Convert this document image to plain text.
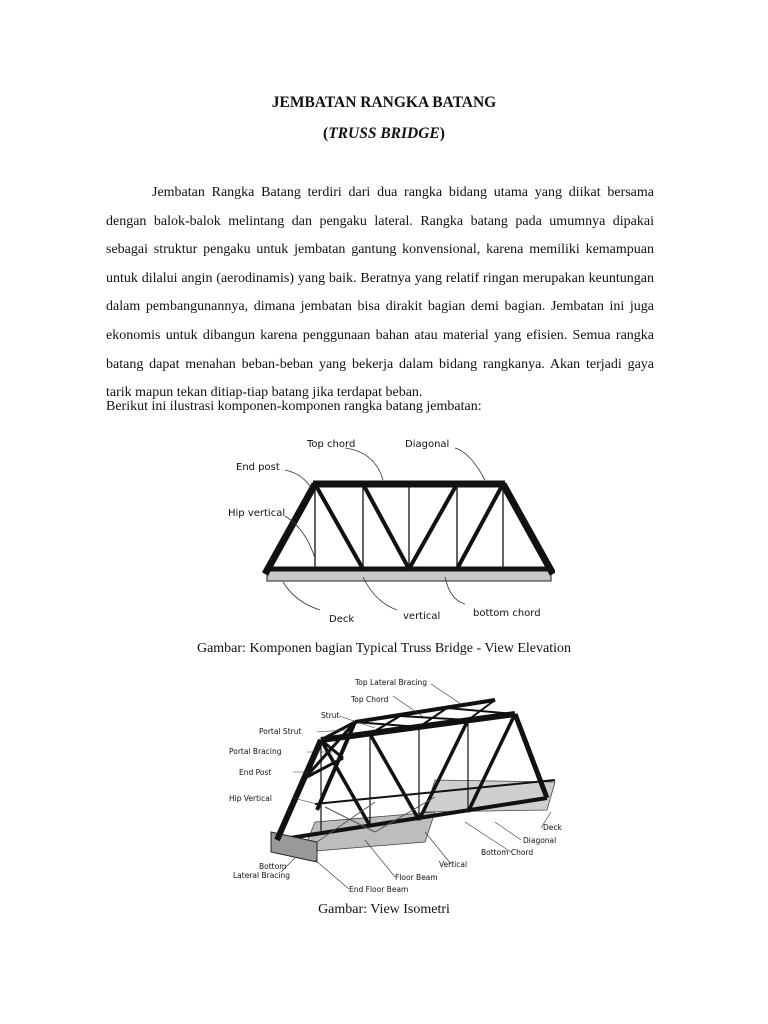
JEMBATAN RANGKA BATANG
(TRUSS BRIDGE)

Jembatan Rangka Batang terdiri dari dua rangka bidang utama yang diikat bersama dengan balok-balok melintang dan pengaku lateral. Rangka batang pada umumnya dipakai sebagai struktur pengaku untuk jembatan gantung konvensional, karena memiliki kemampuan untuk dilalui angin (aerodinamis) yang baik. Beratnya yang relatif ringan merupakan keuntungan dalam pembangunannya, dimana jembatan bisa dirakit bagian demi bagian. Jembatan ini juga ekonomis untuk dibangun karena penggunaan bahan atau material yang efisien. Semua rangka batang dapat menahan beban-beban yang bekerja dalam bidang rangkanya. Akan terjadi gaya tarik mapun tekan ditiap-tiap batang jika terdapat beban.

Berikut ini ilustrasi komponen-komponen rangka batang jembatan:
Top chord	Diagonal
End post
Hip vertical
Deck	vertical	bottom chord
Gambar: Komponen bagian Typical Truss Bridge - View Elevation
Top Lateral Bracing
Top Chord
Strut
Portal Strut
Portal Bracing
End Post
Hip Vertical
Deck
Diagonal
Bottom Chord
Vertical
Floor Beam
End Floor Beam
Bottom
Lateral Bracing
Gambar: View Isometri
